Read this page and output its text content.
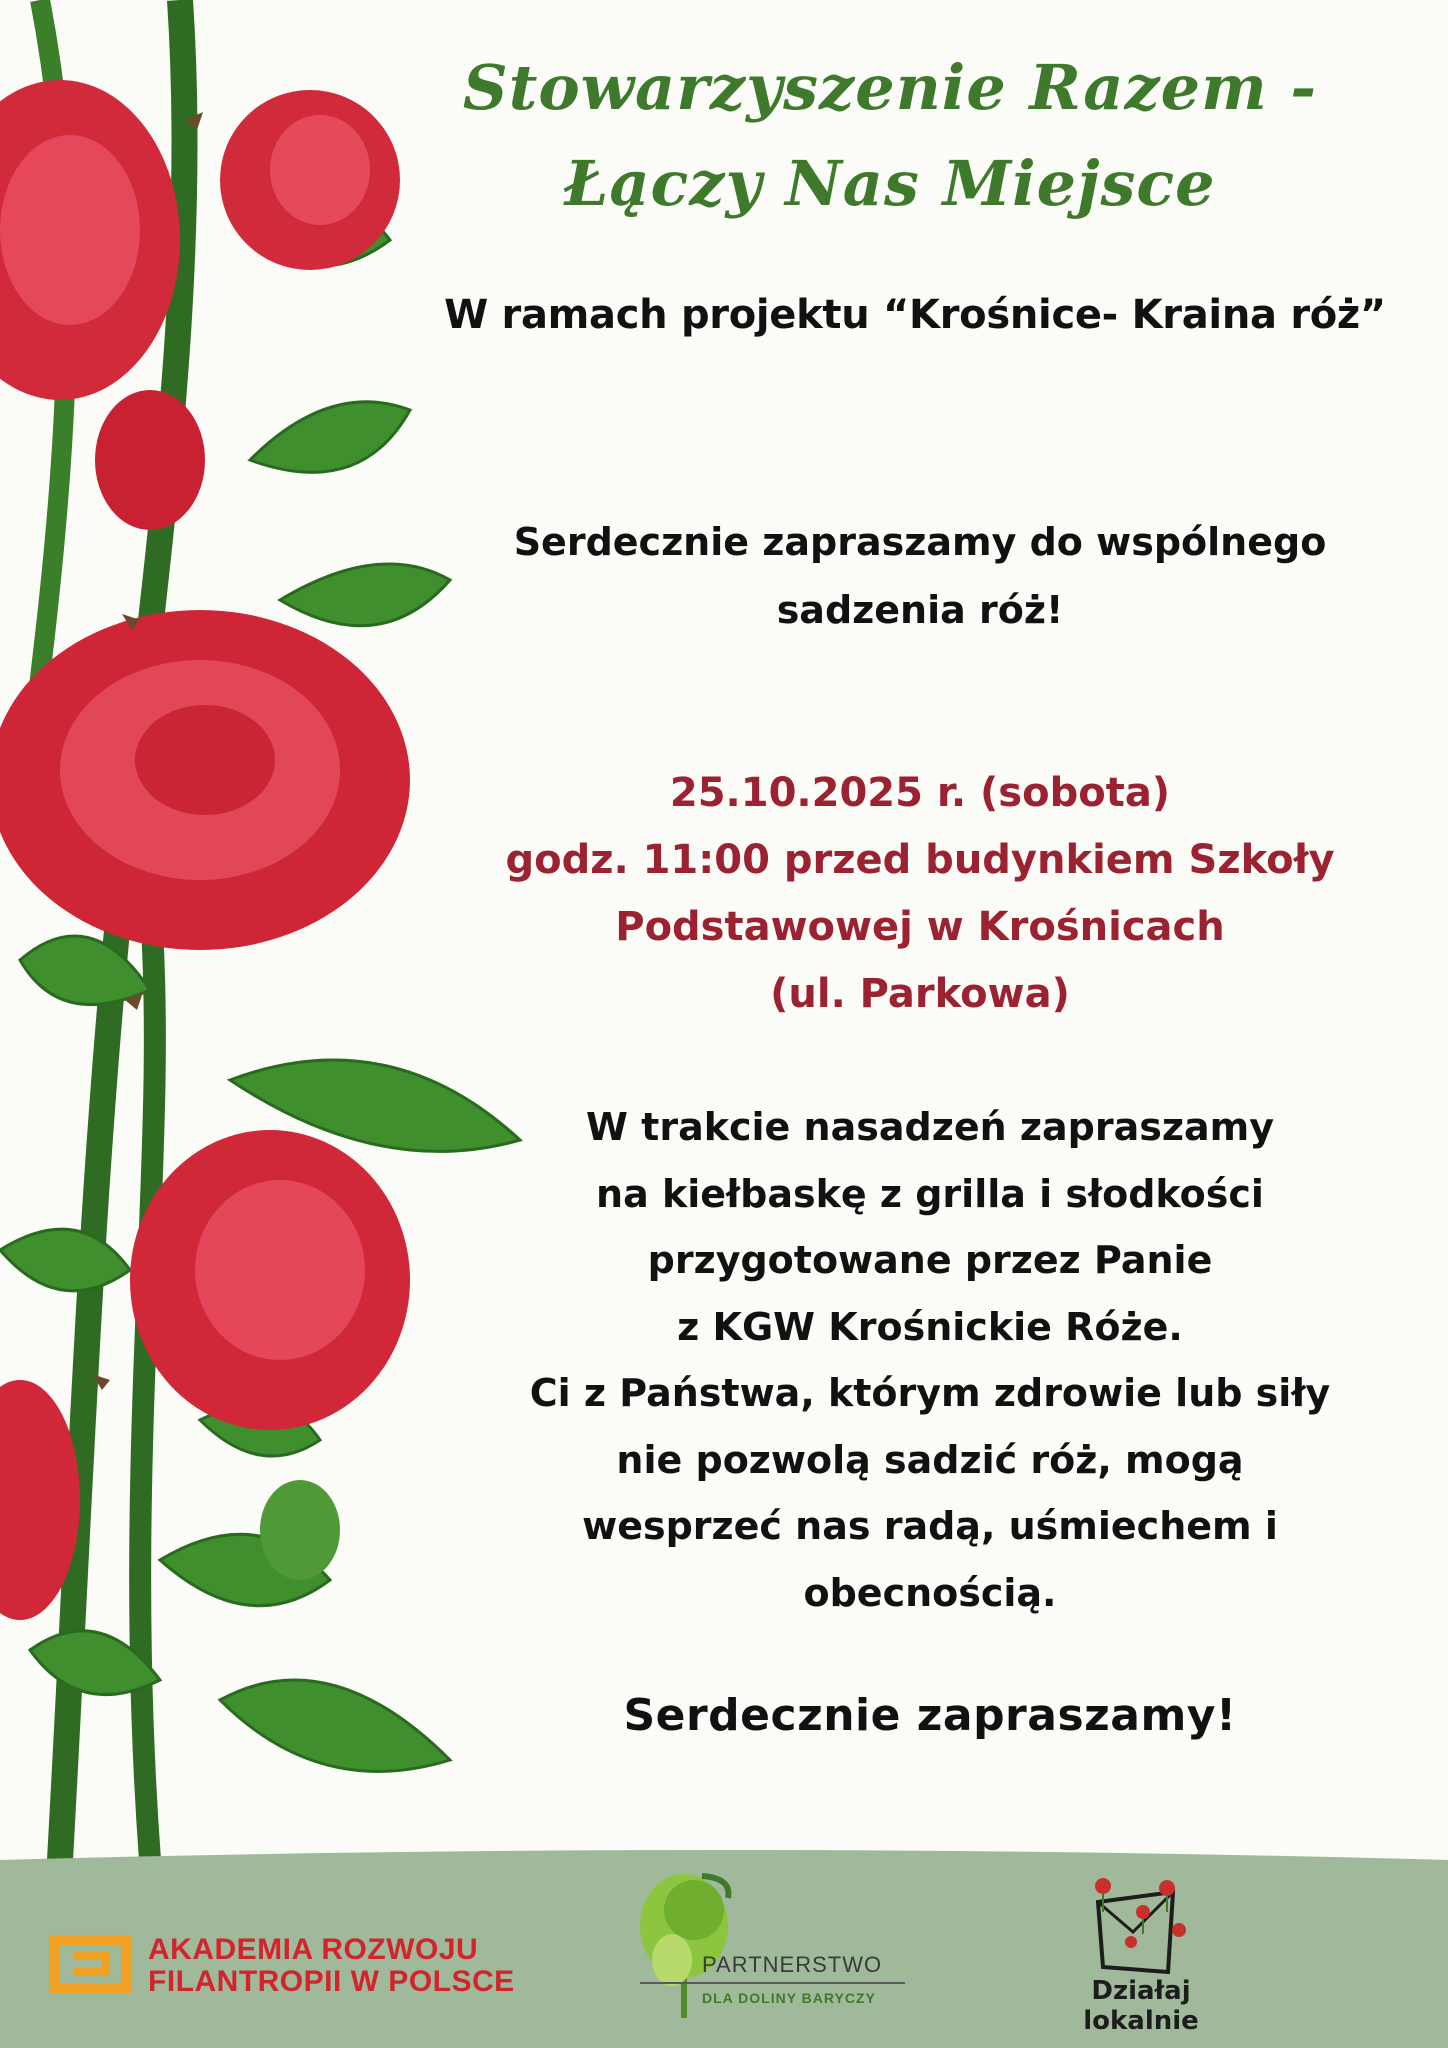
Stowarzyszenie Razem -
Łączy Nas Miejsce
W ramach projektu “Krośnice- Kraina róż”
Serdecznie zapraszamy do wspólnego
sadzenia róż!
25.10.2025 r. (sobota)
godz. 11:00 przed budynkiem Szkoły
Podstawowej w Krośnicach
(ul. Parkowa)
W trakcie nasadzeń zapraszamy
na kiełbaskę z grilla i słodkości
przygotowane przez Panie
z KGW Krośnickie Róże.
Ci z Państwa, którym zdrowie lub siły
nie pozwolą sadzić róż, mogą
wesprzeć nas radą, uśmiechem i
obecnością.
Serdecznie zapraszamy!
AKADEMIA ROZWOJU
FILANTROPII W POLSCE
PARTNERSTWO
DLA DOLINY BARYCZY	Działaj
lokalnie
